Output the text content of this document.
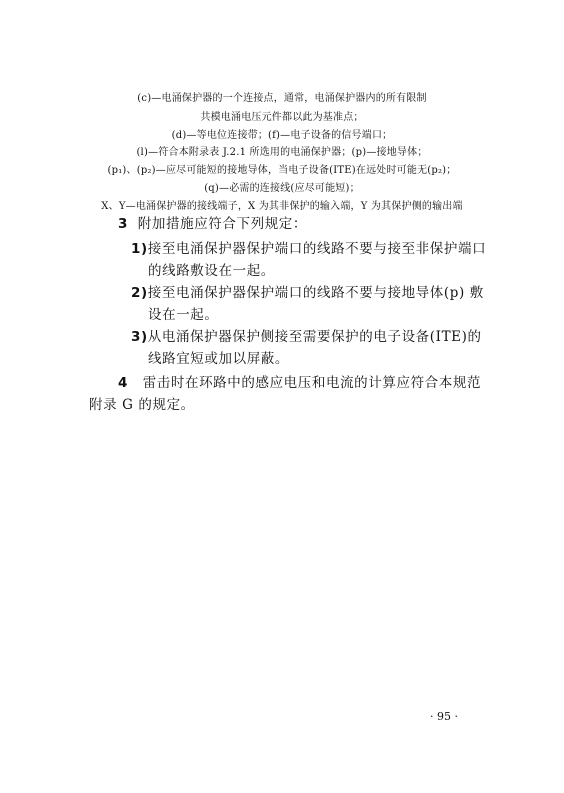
(c)—电涌保护器的一个连接点，通常，电涌保护器内的所有限制
共模电涌电压元件都以此为基准点；
(d)—等电位连接带；(f)—电子设备的信号端口；
(l)—符合本附录表 J.2.1 所选用的电涌保护器；(p)—接地导体；
(p₁)、(p₂)—应尽可能短的接地导体，当电子设备(ITE)在远处时可能无(p₂)；
(q)—必需的连接线(应尽可能短)；
X、Y—电涌保护器的接线端子，X 为其非保护的输入端，Y 为其保护侧的输出端
3 附加措施应符合下列规定：
1)接至电涌保护器保护端口的线路不要与接至非保护端口
的线路敷设在一起。
2)接至电涌保护器保护端口的线路不要与接地导体(p) 敷
设在一起。
3)从电涌保护器保护侧接至需要保护的电子设备(ITE)的
线路宜短或加以屏蔽。
4 雷击时在环路中的感应电压和电流的计算应符合本规范
附录 G 的规定。
· 95 ·
